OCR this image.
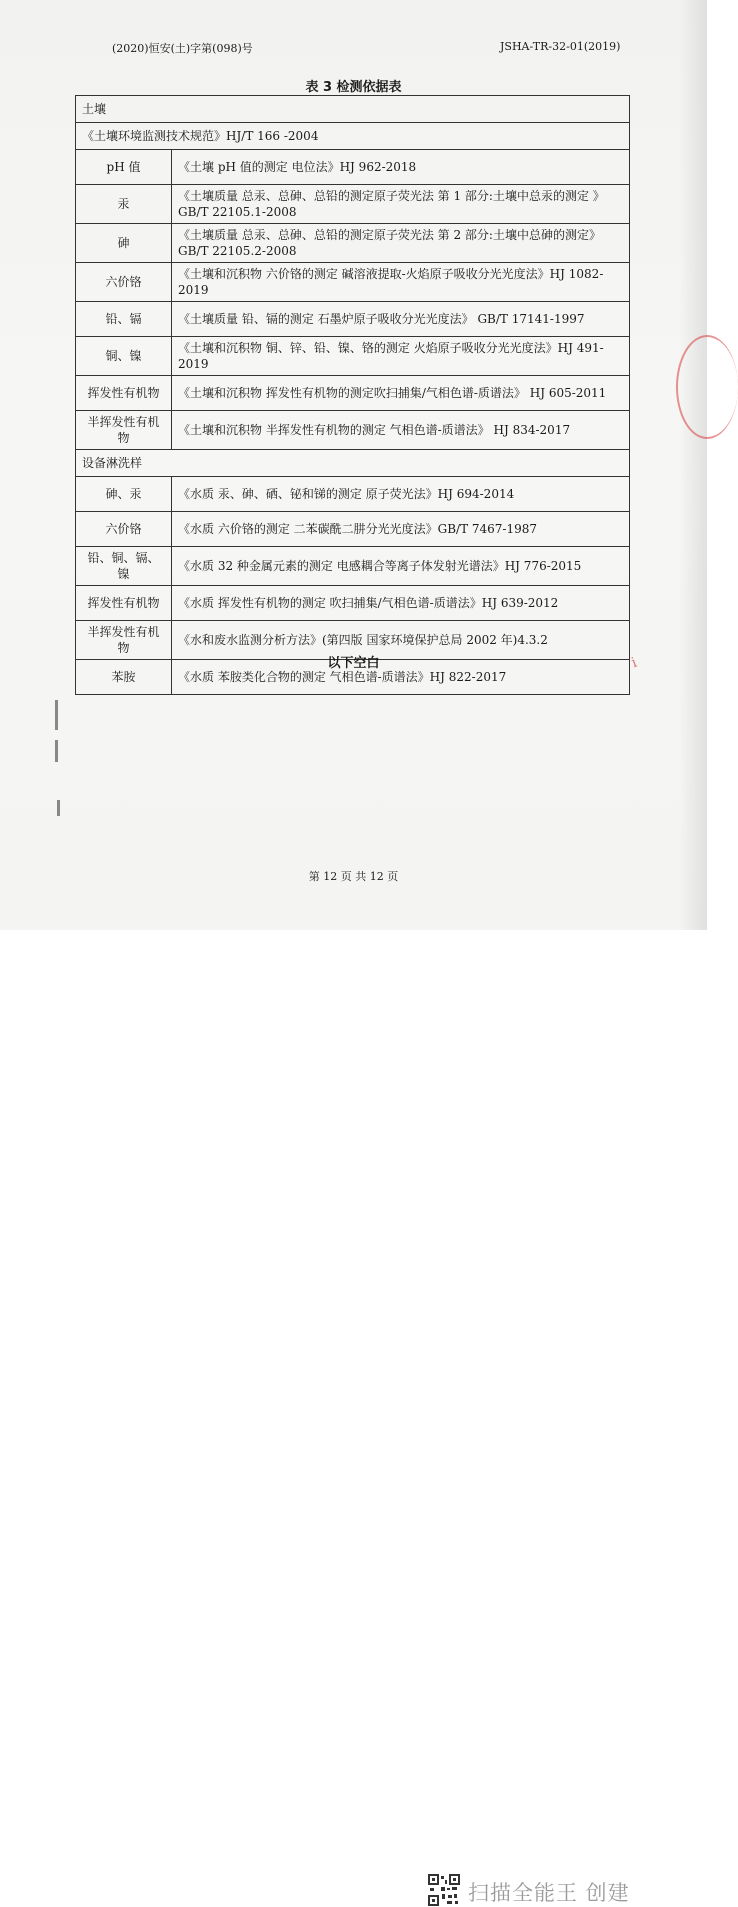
(2020)恒安(土)字第(098)号	JSHA-TR-32-01(2019)
表 3 检测依据表
土壤	
《土壤环境监测技术规范》HJ/T 166 -2004	
pH 值	《土壤 pH 值的测定 电位法》HJ 962-2018
汞	《土壤质量 总汞、总砷、总铅的测定原子荧光法 第 1 部分:土壤中总汞的测定 》GB/T 22105.1-2008
砷	《土壤质量 总汞、总砷、总铅的测定原子荧光法 第 2 部分:土壤中总砷的测定》 GB/T 22105.2-2008
六价铬	《土壤和沉积物 六价铬的测定 碱溶液提取-火焰原子吸收分光光度法》HJ 1082-2019
铅、镉	《土壤质量 铅、镉的测定 石墨炉原子吸收分光光度法》 GB/T 17141-1997
铜、镍	《土壤和沉积物 铜、锌、铅、镍、铬的测定 火焰原子吸收分光光度法》HJ 491-2019
挥发性有机物	《土壤和沉积物 挥发性有机物的测定吹扫捕集/气相色谱-质谱法》 HJ 605-2011
半挥发性有机物	《土壤和沉积物 半挥发性有机物的测定 气相色谱-质谱法》 HJ 834-2017
设备淋洗样	
砷、汞	《水质 汞、砷、硒、铋和锑的测定 原子荧光法》HJ 694-2014
六价铬	《水质 六价铬的测定 二苯碳酰二肼分光光度法》GB/T 7467-1987
铅、铜、镉、镍	《水质 32 种金属元素的测定 电感耦合等离子体发射光谱法》HJ 776-2015
挥发性有机物	《水质 挥发性有机物的测定 吹扫捕集/气相色谱-质谱法》HJ 639-2012
半挥发性有机物	《水和废水监测分析方法》(第四版 国家环境保护总局 2002 年)4.3.2
苯胺	《水质 苯胺类化合物的测定 气相色谱-质谱法》HJ 822-2017
以下空白	ⅰ
第 12 页 共 12 页
扫描全能王 创建
